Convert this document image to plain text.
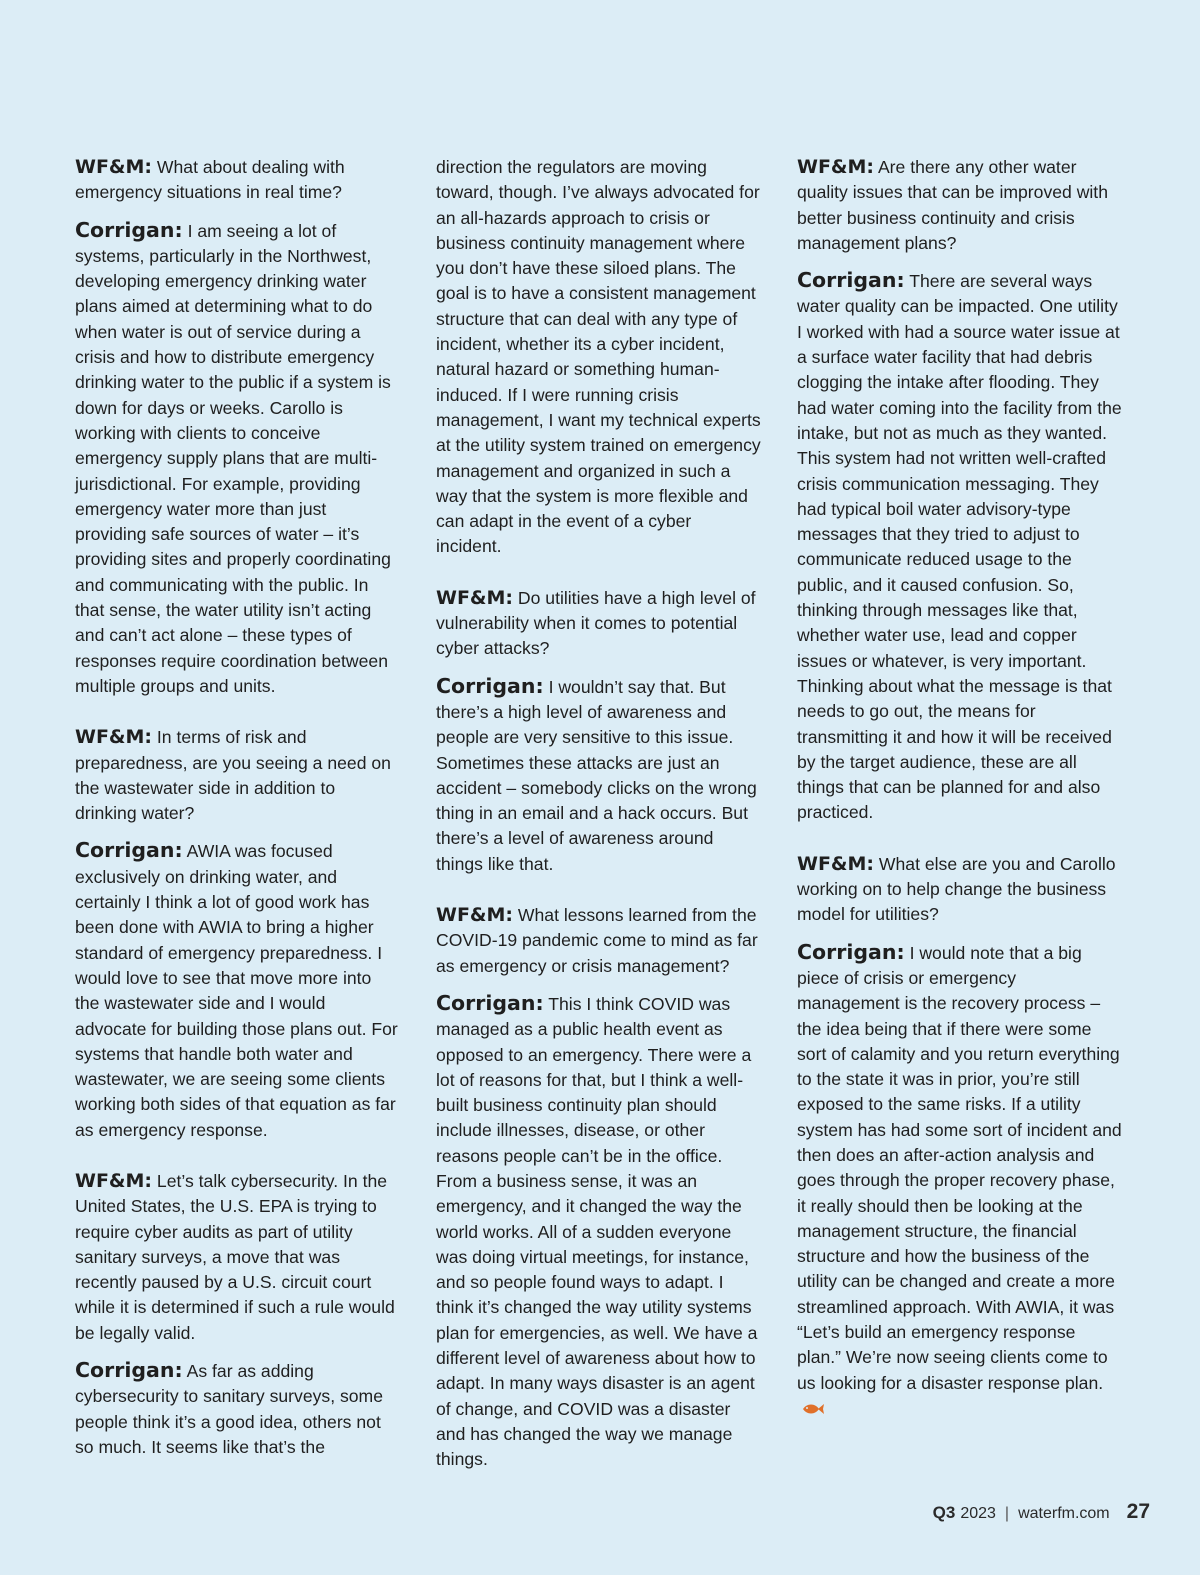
WF&M: What about dealing with emergency situations in real time?

Corrigan: I am seeing a lot of systems, particularly in the Northwest, developing emergency drinking water plans aimed at determining what to do when water is out of service during a crisis and how to distribute emergency drinking water to the public if a system is down for days or weeks. Carollo is working with clients to conceive emergency supply plans that are multi-jurisdictional. For example, providing emergency water more than just providing safe sources of water – it’s providing sites and properly coordinating and communicating with the public. In that sense, the water utility isn’t acting and can’t act alone – these types of responses require coordination between multiple groups and units.

WF&M: In terms of risk and preparedness, are you seeing a need on the wastewater side in addition to drinking water?

Corrigan: AWIA was focused exclusively on drinking water, and certainly I think a lot of good work has been done with AWIA to bring a higher standard of emergency preparedness. I would love to see that move more into the wastewater side and I would advocate for building those plans out. For systems that handle both water and wastewater, we are seeing some clients working both sides of that equation as far as emergency response.

WF&M: Let’s talk cybersecurity. In the United States, the U.S. EPA is trying to require cyber audits as part of utility sanitary surveys, a move that was recently paused by a U.S. circuit court while it is determined if such a rule would be legally valid.

Corrigan: As far as adding cybersecurity to sanitary surveys, some people think it’s a good idea, others not so much. It seems like that’s the

direction the regulators are moving toward, though. I’ve always advocated for an all-hazards approach to crisis or business continuity management where you don’t have these siloed plans. The goal is to have a consistent management structure that can deal with any type of incident, whether its a cyber incident, natural hazard or something human-induced. If I were running crisis management, I want my technical experts at the utility system trained on emergency management and organized in such a way that the system is more flexible and can adapt in the event of a cyber incident.

WF&M: Do utilities have a high level of vulnerability when it comes to potential cyber attacks?

Corrigan: I wouldn’t say that. But there’s a high level of awareness and people are very sensitive to this issue. Sometimes these attacks are just an accident – somebody clicks on the wrong thing in an email and a hack occurs. But there’s a level of awareness around things like that.

WF&M: What lessons learned from the COVID-19 pandemic come to mind as far as emergency or crisis management?

Corrigan: This I think COVID was managed as a public health event as opposed to an emergency. There were a lot of reasons for that, but I think a well-built business continuity plan should include illnesses, disease, or other reasons people can’t be in the office. From a business sense, it was an emergency, and it changed the way the world works. All of a sudden everyone was doing virtual meetings, for instance, and so people found ways to adapt. I think it’s changed the way utility systems plan for emergencies, as well. We have a different level of awareness about how to adapt. In many ways disaster is an agent of change, and COVID was a disaster and has changed the way we manage things.

WF&M: Are there any other water quality issues that can be improved with better business continuity and crisis management plans?

Corrigan: There are several ways water quality can be impacted. One utility I worked with had a source water issue at a surface water facility that had debris clogging the intake after flooding. They had water coming into the facility from the intake, but not as much as they wanted. This system had not written well-crafted crisis communication messaging. They had typical boil water advisory-type messages that they tried to adjust to communicate reduced usage to the public, and it caused confusion. So, thinking through messages like that, whether water use, lead and copper issues or whatever, is very important. Thinking about what the message is that needs to go out, the means for transmitting it and how it will be received by the target audience, these are all things that can be planned for and also practiced.

WF&M: What else are you and Carollo working on to help change the business model for utilities?

Corrigan: I would note that a big piece of crisis or emergency management is the recovery process – the idea being that if there were some sort of calamity and you return everything to the state it was in prior, you’re still exposed to the same risks. If a utility system has had some sort of incident and then does an after-action analysis and goes through the proper recovery phase, it really should then be looking at the management structure, the financial structure and how the business of the utility can be changed and create a more streamlined approach. With AWIA, it was “Let’s build an emergency response plan.” We’re now seeing clients come to us looking for a disaster response plan.

Q3 2023 | waterfm.com 27
